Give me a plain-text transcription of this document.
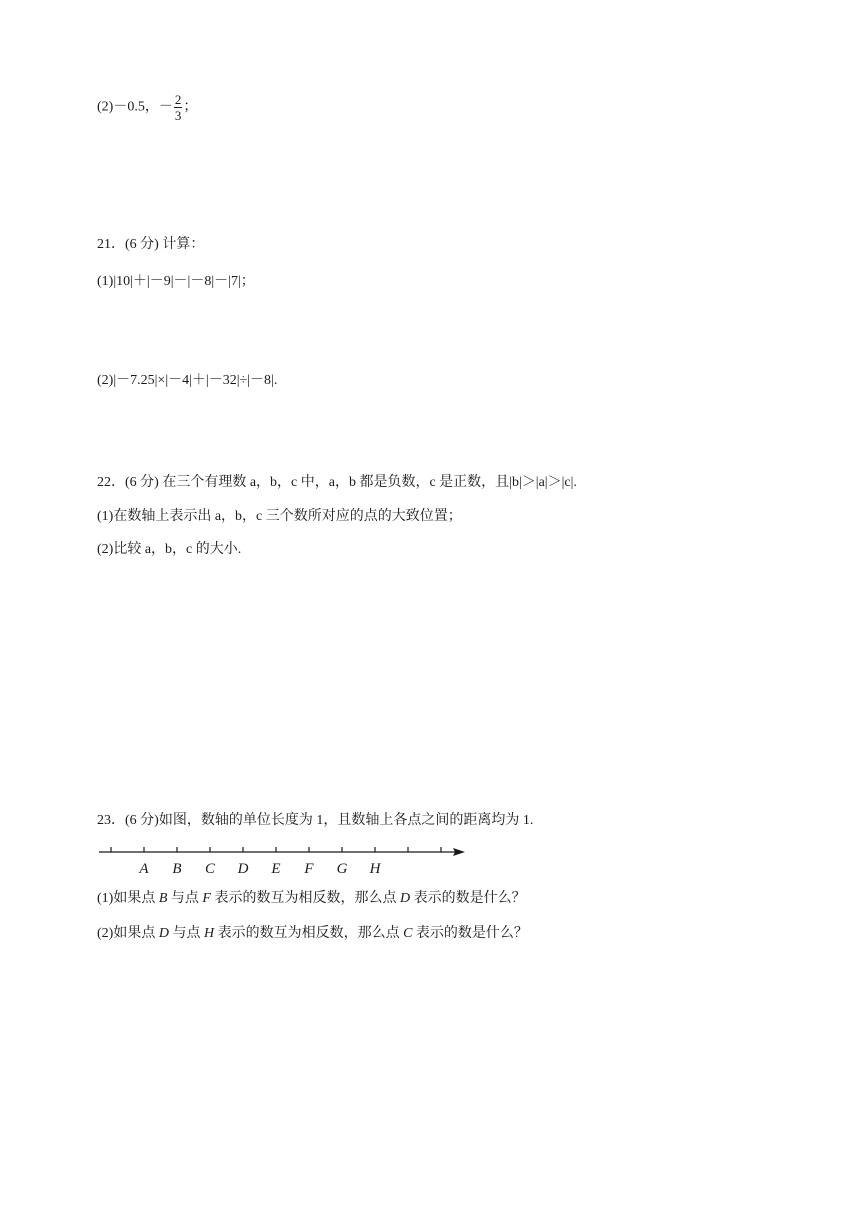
(2)－0.5，－ $\frac{2}{3}$ ；
21．(6 分) 计算：
(1)|10|＋|－9|－|－8|－|7|；
(2)|－7.25|×|－4|＋|－32|÷|－8|.
22．(6 分) 在三个有理数 a，b，c 中，a，b 都是负数，c 是正数，且|b|＞|a|＞|c|.
(1)在数轴上表示出 a，b，c 三个数所对应的点的大致位置；
(2)比较 a，b，c 的大小.
23．(6 分)如图，数轴的单位长度为 1，且数轴上各点之间的距离均为 1.
A B C D E F G H
(1)如果点 B 与点 F 表示的数互为相反数，那么点 D 表示的数是什么？
(2)如果点 D 与点 H 表示的数互为相反数，那么点 C 表示的数是什么？
